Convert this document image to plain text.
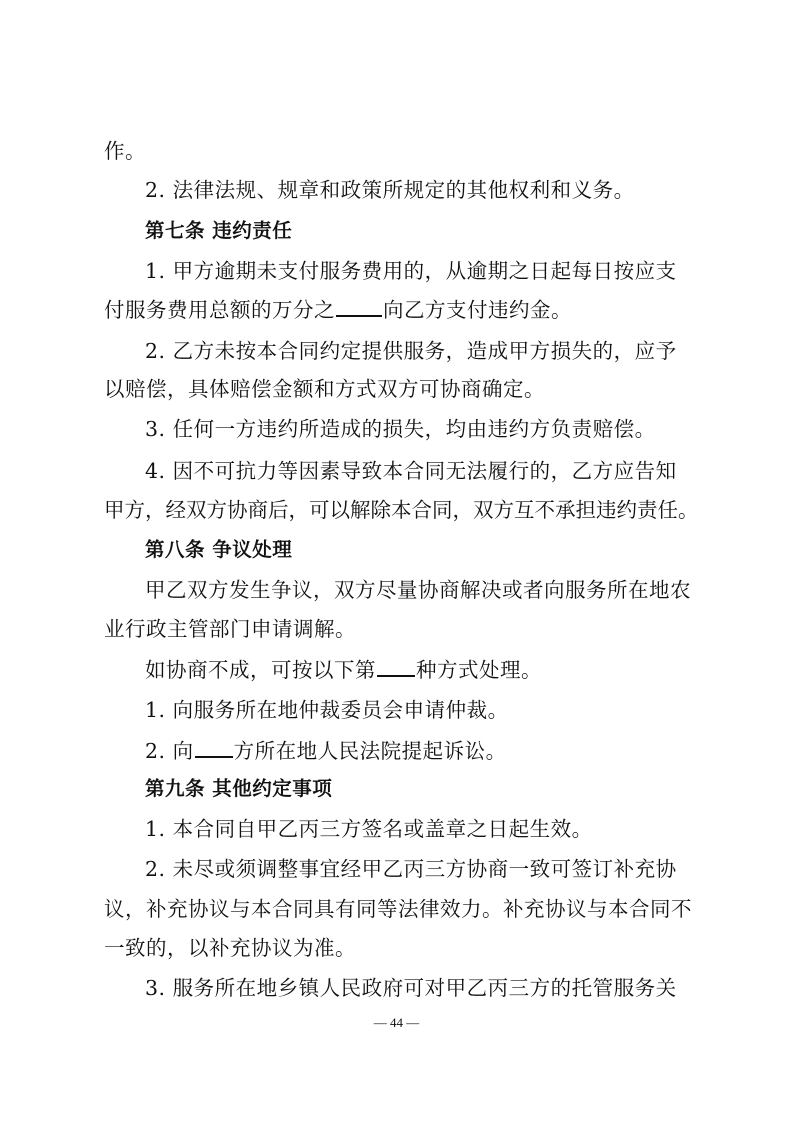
作。
2. 法律法规、规章和政策所规定的其他权利和义务。
第七条 违约责任
1. 甲方逾期未支付服务费用的，从逾期之日起每日按应支
付服务费用总额的万分之 向乙方支付违约金。
2. 乙方未按本合同约定提供服务，造成甲方损失的，应予
以赔偿，具体赔偿金额和方式双方可协商确定。
3. 任何一方违约所造成的损失，均由违约方负责赔偿。
4. 因不可抗力等因素导致本合同无法履行的，乙方应告知
甲方，经双方协商后，可以解除本合同，双方互不承担违约责任。
第八条 争议处理
甲乙双方发生争议，双方尽量协商解决或者向服务所在地农
业行政主管部门申请调解。
如协商不成，可按以下第 种方式处理。
1. 向服务所在地仲裁委员会申请仲裁。
2. 向 方所在地人民法院提起诉讼。
第九条 其他约定事项
1. 本合同自甲乙丙三方签名或盖章之日起生效。
2. 未尽或须调整事宜经甲乙丙三方协商一致可签订补充协
议，补充协议与本合同具有同等法律效力。补充协议与本合同不
一致的，以补充协议为准。
3. 服务所在地乡镇人民政府可对甲乙丙三方的托管服务关
— 44 —
